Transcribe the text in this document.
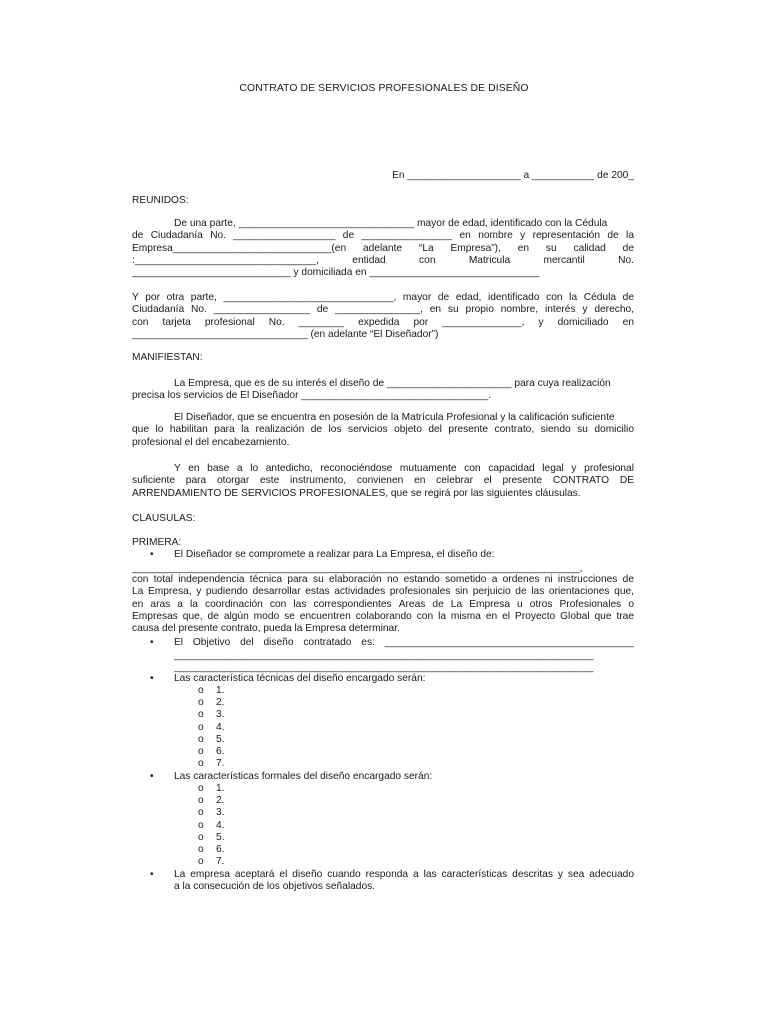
CONTRATO DE SERVICIOS PROFESIONALES DE DISEÑO
En ____________________ a ___________ de 200_
REUNIDOS:
De una parte, _______________________________ mayor de edad, identificado con la Cédula
de Ciudadanía No. __________________ de ________________ en nombre y representación de la
Empresa____________________________(en adelante “La Empresa”), en su calidad de
:________________________________, entidad con Matricula mercantil No.
____________________________ y domiciliada en ______________________________
Y por otra parte, ______________________________, mayor de edad, identificado con la Cédula de
Ciudadanía No. _________________ de _______________, en su propio nombre, interés y derecho,
con tarjeta profesional No. ________ expedida por ______________, y domiciliado en
_______________________________ (en adelante “El Diseñador”)
MANIFIESTAN:
La Empresa, que es de su interés el diseño de ______________________ para cuya realización
precisa los servicios de El Diseñador _________________________________.
El Diseñador, que se encuentra en posesión de la Matrícula Profesional y la calificación suficiente
que lo habilitan para la realización de los servicios objeto del presente contrato, siendo su domicilio
profesional el del encabezamiento.
Y en base a lo antedicho, reconociéndose mutuamente con capacidad legal y profesional
suficiente para otorgar este instrumento, convienen en celebrar el presente CONTRATO DE
ARRENDAMIENTO DE SERVICIOS PROFESIONALES, que se regirá por las siguientes cláusulas.
CLAUSULAS:
PRIMERA:
• El Diseñador se compromete a realizar para La Empresa, el diseño de:
_______________________________________________________________________________,
con total independencia técnica para su elaboración no estando sometido a ordenes ni instrucciones de
La Empresa, y pudiendo desarrollar estas actividades profesionales sin perjuicio de las orientaciones que,
en aras a la coordinación con las correspondientes Áreas de La Empresa u otros Profesionales o
Empresas que, de algún modo se encuentren colaborando con la misma en el Proyecto Global que trae
causa del presente contrato, pueda la Empresa determinar.
• El Objetivo del diseño contratado es: ____________________________________________
__________________________________________________________________________
__________________________________________________________________________
• Las característica técnicas del diseño encargado serán:
o 1.
o 2.
o 3.
o 4.
o 5.
o 6.
o 7.
• Las características formales del diseño encargado serán:
o 1.
o 2.
o 3.
o 4.
o 5.
o 6.
o 7.
• La empresa aceptará el diseño cuando responda a las características descritas y sea adecuado
a la consecución de los objetivos señalados.
